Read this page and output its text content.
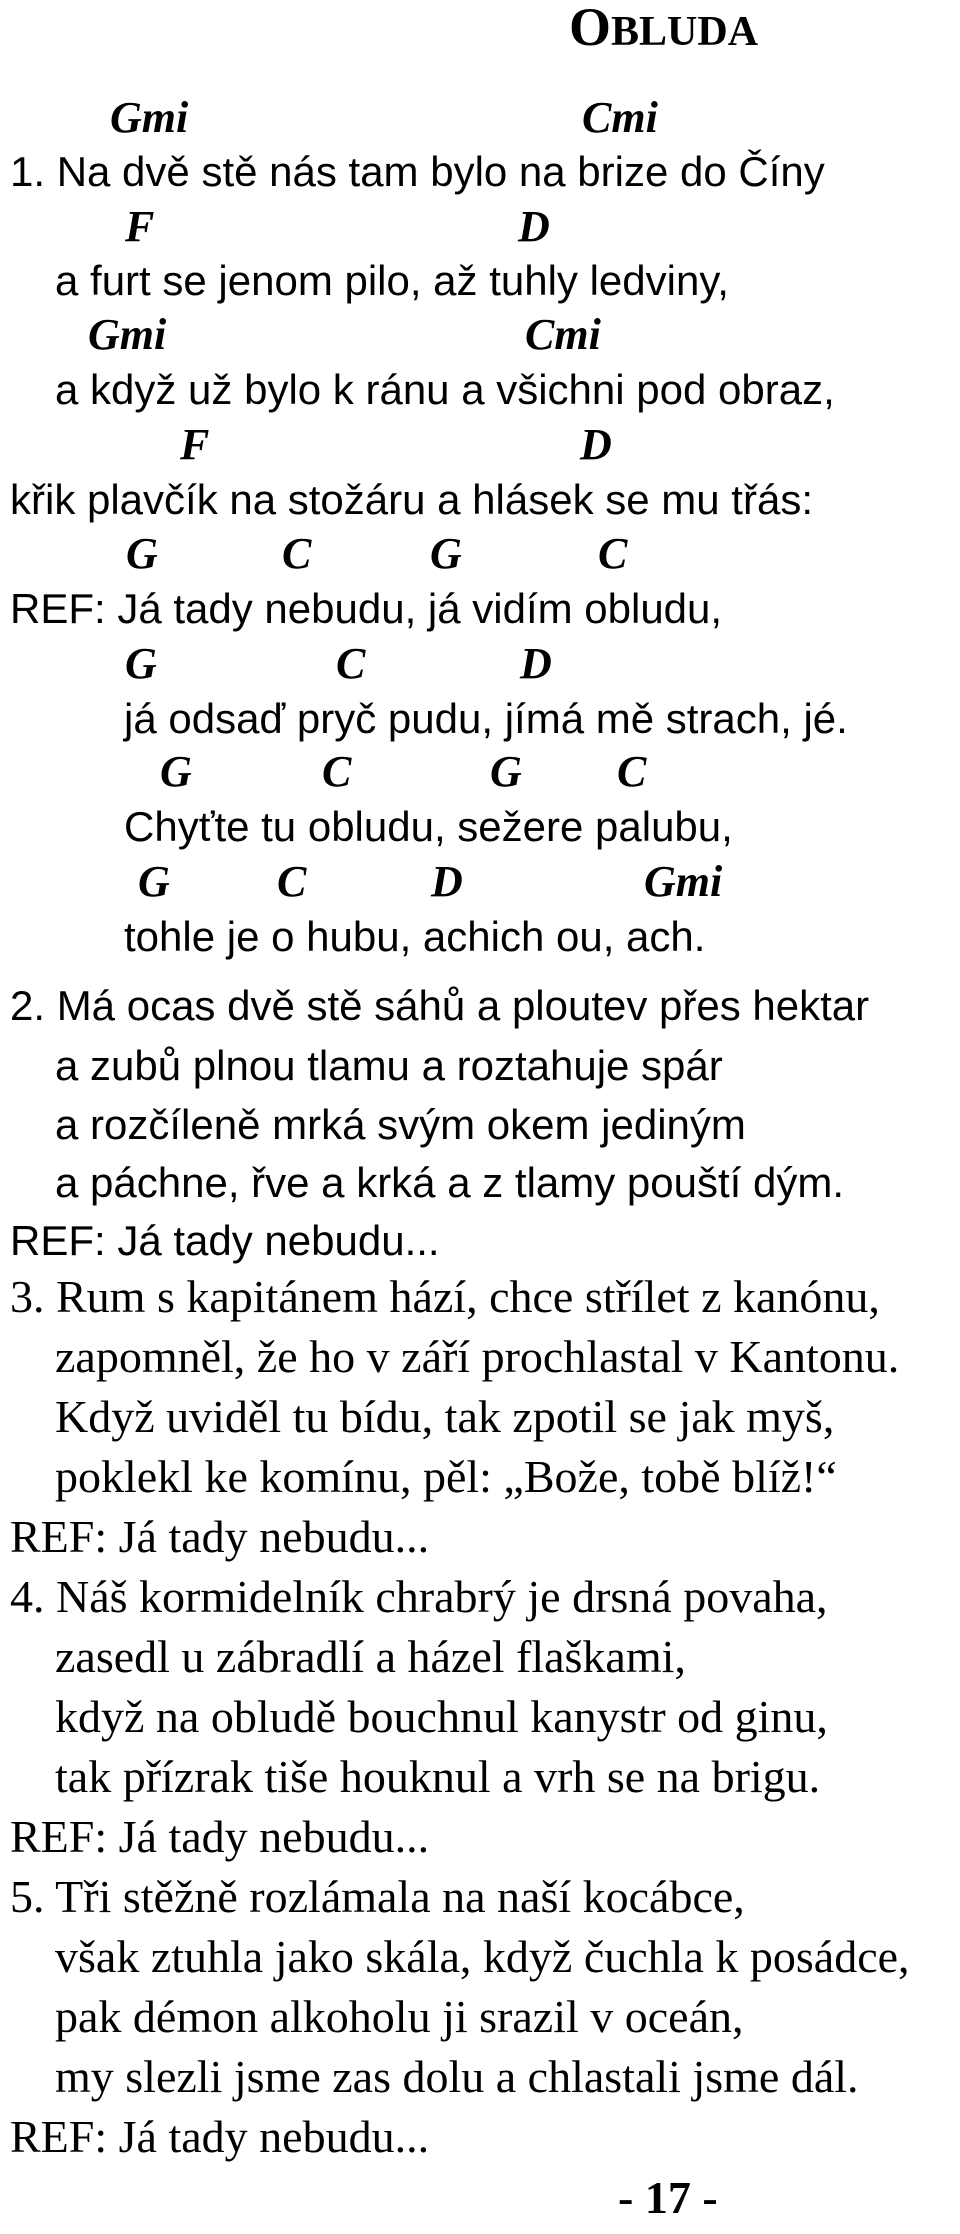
OBLUDA
Gmi	Cmi
F	D
Gmi	Cmi
F	D
1. Na dvě stě nás tam bylo na brize do Číny
a furt se jenom pilo, až tuhly ledviny,
a když už bylo k ránu a všichni pod obraz,
křik plavčík na stožáru a hlásek se mu třás:
G	C	G	C
G	C	D
G	C	G C
G C	D	Gmi
REF: Já tady nebudu, já vidím obludu,
já odsaď pryč pudu, jímá mě strach, jé.
Chyťte tu obludu, sežere palubu,
tohle je o hubu, achich ou, ach.
2. Má ocas dvě stě sáhů a ploutev přes hektar
a zubů plnou tlamu a roztahuje spár
a rozčíleně mrká svým okem jediným
a páchne, řve a krká a z tlamy pouští dým.
REF: Já tady nebudu...
3. Rum s kapitánem hází, chce střílet z kanónu,
zapomněl, že ho v září prochlastal v Kantonu.
Když uviděl tu bídu, tak zpotil se jak myš,
poklekl ke komínu, pěl: „Bože, tobě blíž!“
REF: Já tady nebudu...
4. Náš kormidelník chrabrý je drsná povaha,
zasedl u zábradlí a házel flaškami,
když na obludě bouchnul kanystr od ginu,
tak přízrak tiše houknul a vrh se na brigu.
REF: Já tady nebudu...
5. Tři stěžně rozlámala na naší kocábce,
však ztuhla jako skála, když čuchla k posádce,
pak démon alkoholu ji srazil v oceán,
my slezli jsme zas dolu a chlastali jsme dál.
REF: Já tady nebudu...
- 17 -
